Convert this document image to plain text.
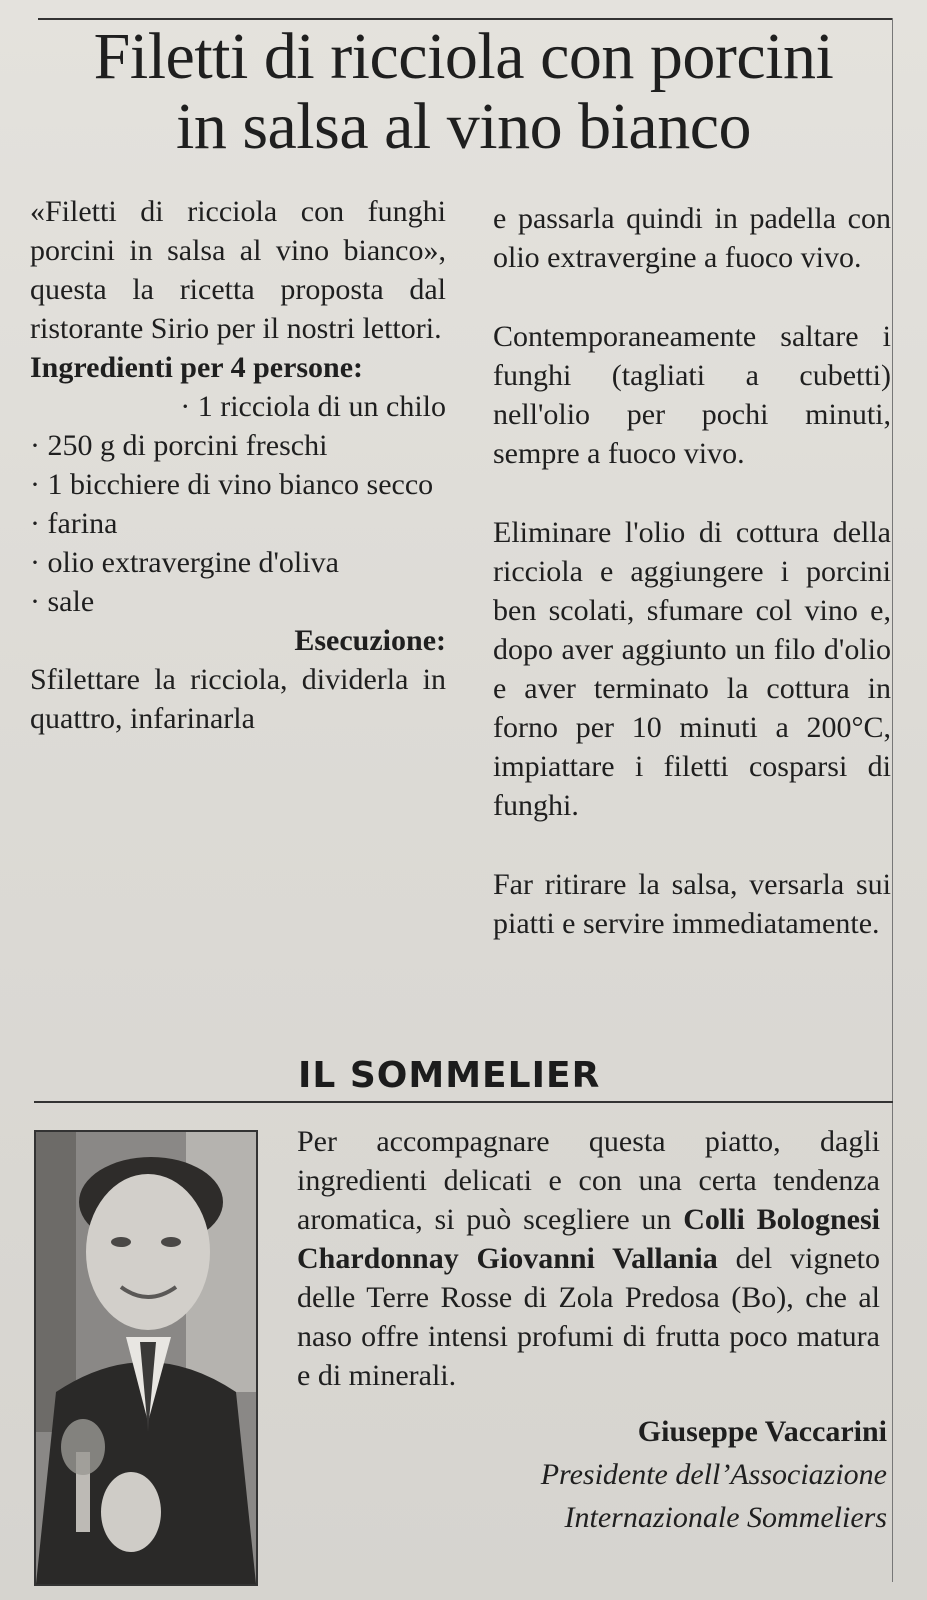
Filetti di ricciola con porcini
in salsa al vino bianco

«Filetti di ricciola con funghi porcini in salsa al vino bianco», questa la ricetta proposta dal ristorante Sirio per il nostri lettori.

Ingredienti per 4 persone:

· 1 ricciola di un chilo

· 250 g di porcini freschi

· 1 bicchiere di vino bianco secco

· farina

· olio extravergine d'oliva

· sale

Esecuzione:

Sfilettare la ricciola, dividerla in quattro, infarinarla

e passarla quindi in padella con olio extravergine a fuoco vivo.

Contemporaneamente saltare i funghi (tagliati a cubetti) nell'olio per pochi minuti, sempre a fuoco vivo.

Eliminare l'olio di cottura della ricciola e aggiungere i porcini ben scolati, sfumare col vino e, dopo aver aggiunto un filo d'olio e aver terminato la cottura in forno per 10 minuti a 200°C, impiattare i filetti cosparsi di funghi.

Far ritirare la salsa, versarla sui piatti e servire immediatamente.

IL SOMMELIER

Per accompagnare questa piatto, dagli ingredienti delicati e con una certa tendenza aromatica, si può scegliere un Colli Bolognesi Chardonnay Giovanni Vallania del vigneto delle Terre Rosse di Zola Predosa (Bo), che al naso offre intensi profumi di frutta poco matura e di minerali.

Giuseppe Vaccarini
Presidente dell’Associazione
Internazionale Sommeliers
